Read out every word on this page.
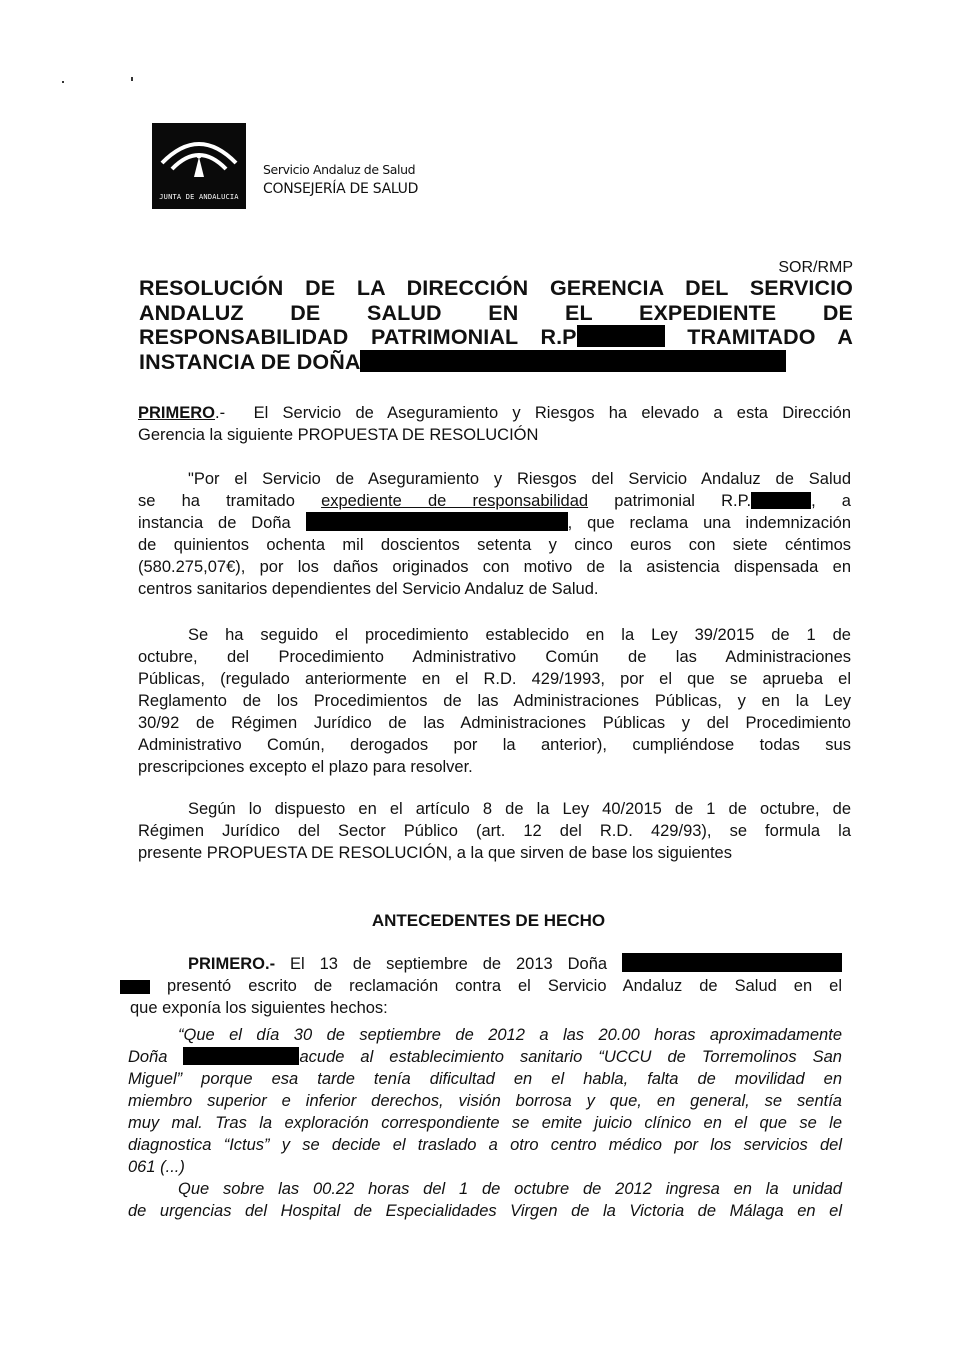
JUNTA DE ANDALUCIA
Servicio Andaluz de Salud
CONSEJERÍA DE SALUD
SOR/RMP
RESOLUCIÓN DE LA DIRECCIÓN GERENCIA DEL SERVICIO
ANDALUZ DE SALUD EN EL EXPEDIENTE DE
RESPONSABILIDAD PATRIMONIAL R.P	TRAMITADO A
INSTANCIA DE DOÑA
PRIMERO.- El Servicio de Aseguramiento y Riesgos ha elevado a esta Dirección
Gerencia la siguiente PROPUESTA DE RESOLUCIÓN
"Por el Servicio de Aseguramiento y Riesgos del Servicio Andaluz de Salud
se ha tramitado expediente de responsabilidad patrimonial R.P.	, a
instancia de Doña	, que reclama una indemnización
de quinientos ochenta mil doscientos setenta y cinco euros con siete céntimos
(580.275,07€), por los daños originados con motivo de la asistencia dispensada en
centros sanitarios dependientes del Servicio Andaluz de Salud.
Se ha seguido el procedimiento establecido en la Ley 39/2015 de 1 de
octubre, del Procedimiento Administrativo Común de las Administraciones
Públicas, (regulado anteriormente en el R.D. 429/1993, por el que se aprueba el
Reglamento de los Procedimientos de las Administraciones Públicas, y en la Ley
30/92 de Régimen Jurídico de las Administraciones Públicas y del Procedimiento
Administrativo Común, derogados por la anterior), cumpliéndose todas sus
prescripciones excepto el plazo para resolver.
Según lo dispuesto en el artículo 8 de la Ley 40/2015 de 1 de octubre, de
Régimen Jurídico del Sector Público (art. 12 del R.D. 429/93), se formula la
presente PROPUESTA DE RESOLUCIÓN, a la que sirven de base los siguientes
ANTECEDENTES DE HECHO
PRIMERO.- El 13 de septiembre de 2013 Doña
presentó escrito de reclamación contra el Servicio Andaluz de Salud en el
que exponía los siguientes hechos:
“Que el día 30 de septiembre de 2012 a las 20.00 horas aproximadamente
Doña	acude al establecimiento sanitario “UCCU de Torremolinos San
Miguel” porque esa tarde tenía dificultad en el habla, falta de movilidad en
miembro superior e inferior derechos, visión borrosa y que, en general, se sentía
muy mal. Tras la exploración correspondiente se emite juicio clínico en el que se le
diagnostica “Ictus” y se decide el traslado a otro centro médico por los servicios del
061 (...)
Que sobre las 00.22 horas del 1 de octubre de 2012 ingresa en la unidad
de urgencias del Hospital de Especialidades Virgen de la Victoria de Málaga en el
